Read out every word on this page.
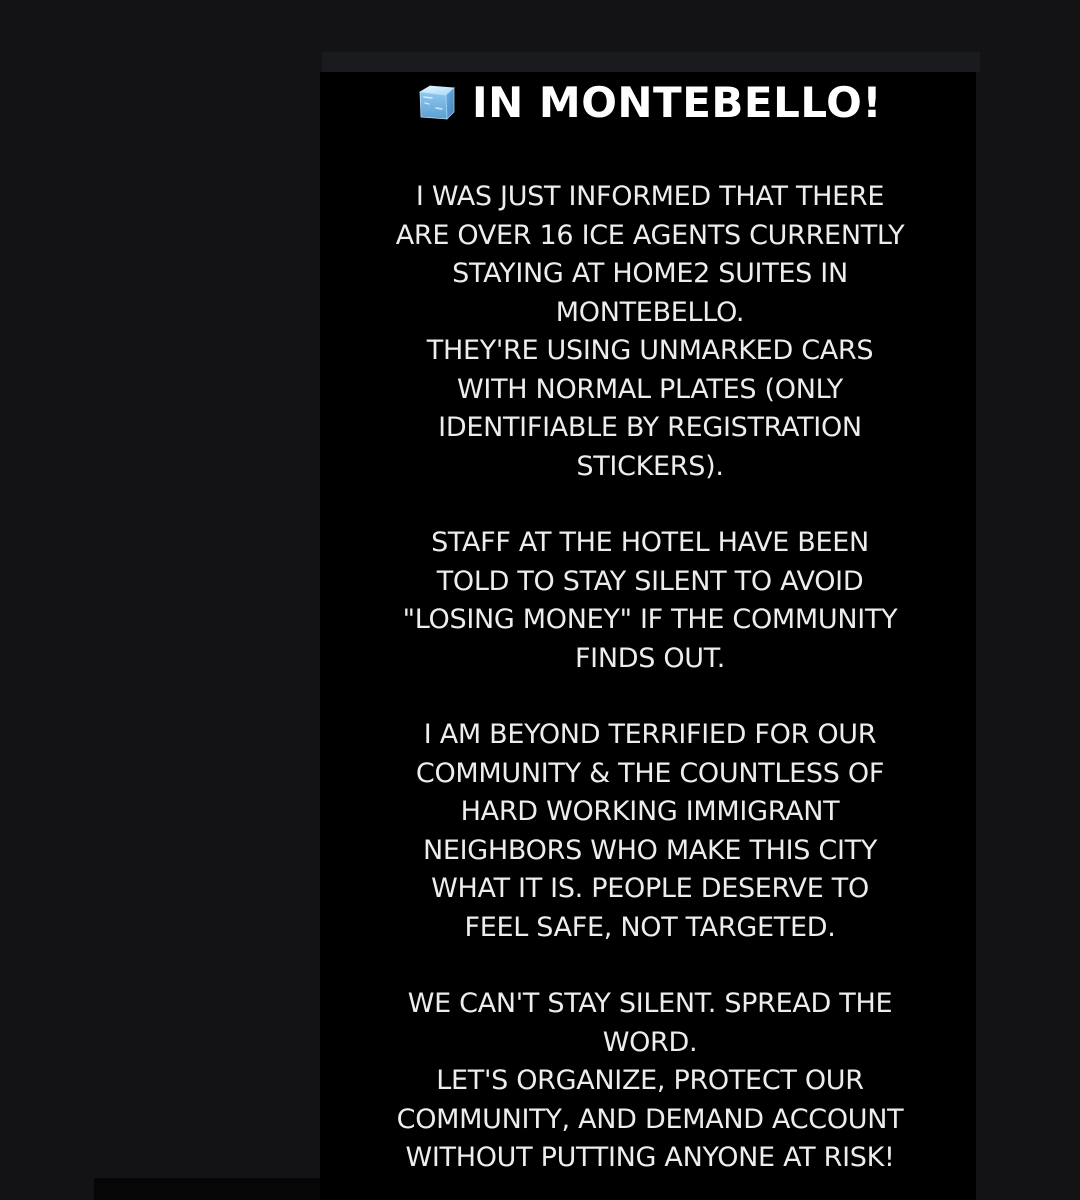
IN MONTEBELLO!

I WAS JUST INFORMED THAT THERE
ARE OVER 16 ICE AGENTS CURRENTLY
STAYING AT HOME2 SUITES IN
MONTEBELLO.
THEY'RE USING UNMARKED CARS
WITH NORMAL PLATES (ONLY
IDENTIFIABLE BY REGISTRATION
STICKERS).

STAFF AT THE HOTEL HAVE BEEN
TOLD TO STAY SILENT TO AVOID
"LOSING MONEY" IF THE COMMUNITY
FINDS OUT.

I AM BEYOND TERRIFIED FOR OUR
COMMUNITY & THE COUNTLESS OF
HARD WORKING IMMIGRANT
NEIGHBORS WHO MAKE THIS CITY
WHAT IT IS. PEOPLE DESERVE TO
FEEL SAFE, NOT TARGETED.

WE CAN'T STAY SILENT. SPREAD THE
WORD.
LET'S ORGANIZE, PROTECT OUR
COMMUNITY, AND DEMAND ACCOUNT
WITHOUT PUTTING ANYONE AT RISK!
